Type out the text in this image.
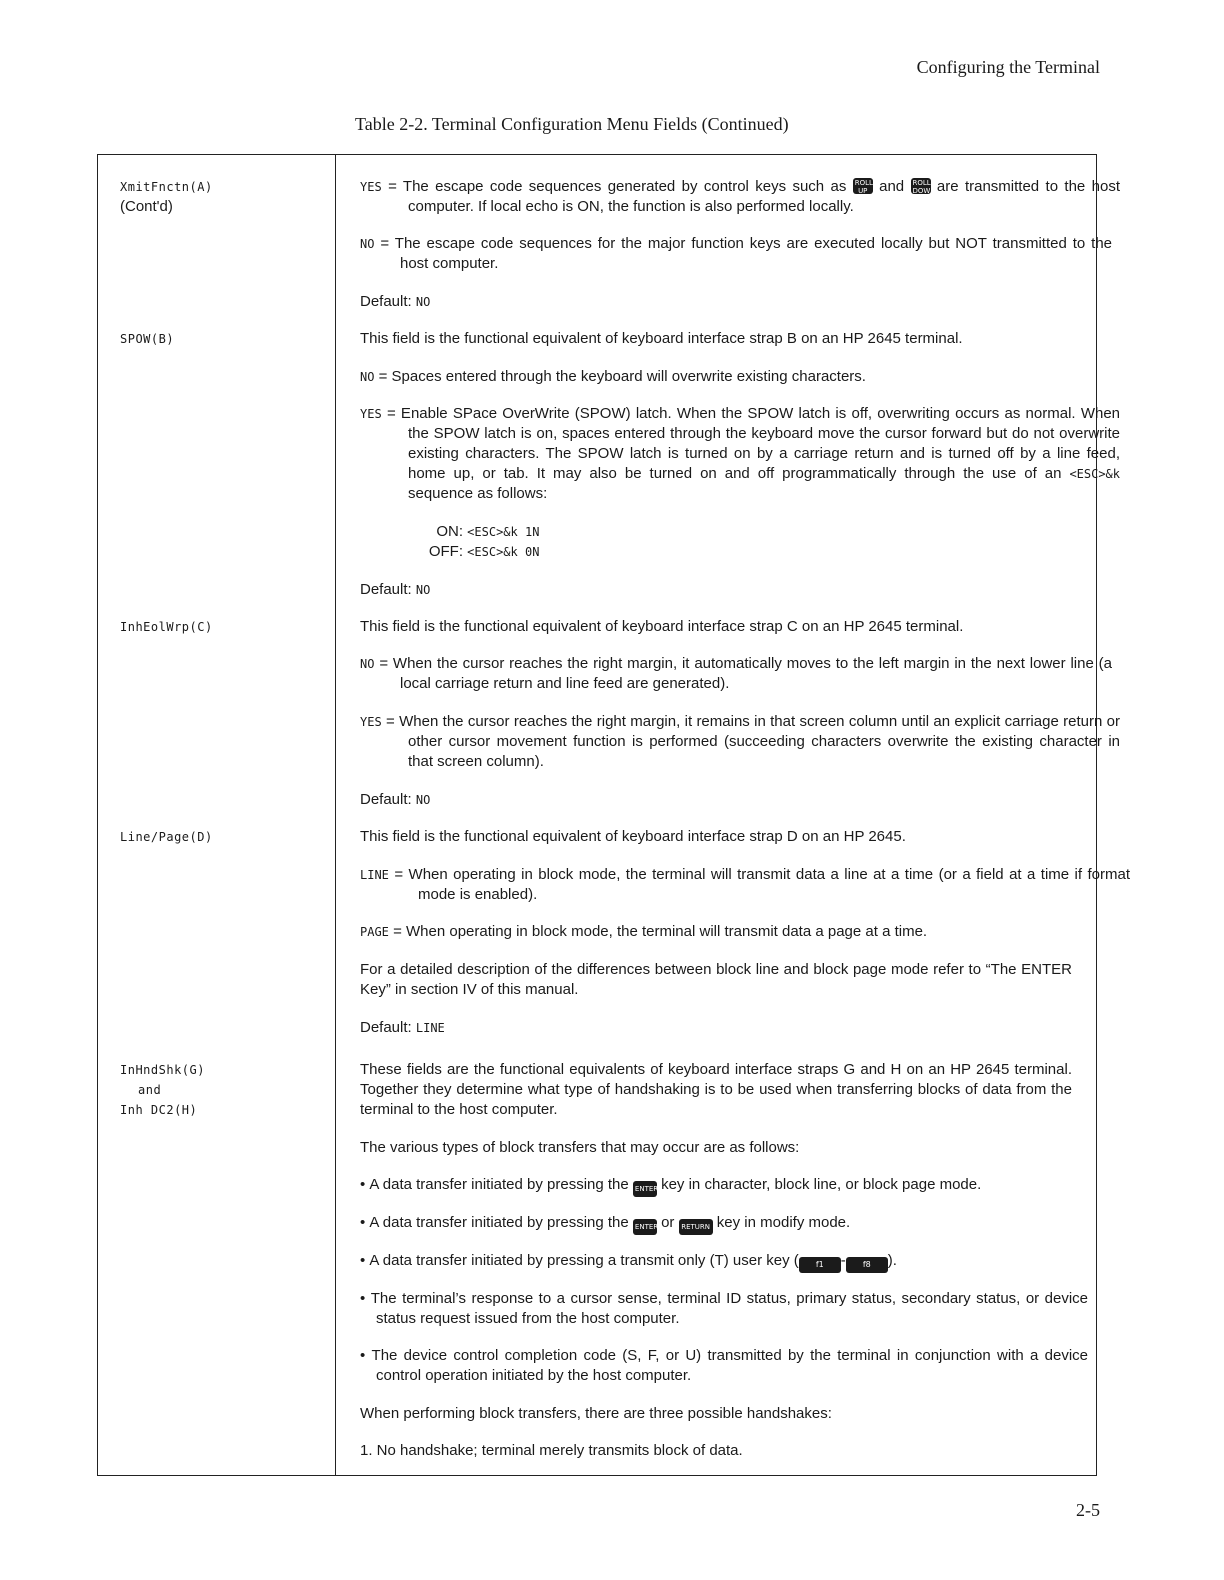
Configuring the Terminal
Table 2-2. Terminal Configuration Menu Fields (Continued)
XmitFnctn(A)
(Cont'd)
SPOW(B)
InhEolWrp(C)
Line/Page(D)
InHndShk(G)
and
Inh DC2(H)
YES = The escape code sequences generated by control keys such as ROLL UP and ROLL DOWN are transmitted to the host computer. If local echo is ON, the function is also performed locally.
NO = The escape code sequences for the major function keys are executed locally but NOT transmitted to the host computer.
Default: NO
This field is the functional equivalent of keyboard interface strap B on an HP 2645 terminal.
NO = Spaces entered through the keyboard will overwrite existing characters.
YES = Enable SPace OverWrite (SPOW) latch. When the SPOW latch is off, overwriting occurs as normal. When the SPOW latch is on, spaces entered through the keyboard move the cursor forward but do not overwrite existing characters. The SPOW latch is turned on by a carriage return and is turned off by a line feed, home up, or tab. It may also be turned on and off programmatically through the use of an <ESC>&k sequence as follows:
ON: <ESC>&k 1N
OFF: <ESC>&k 0N
Default: NO
This field is the functional equivalent of keyboard interface strap C on an HP 2645 terminal.
NO = When the cursor reaches the right margin, it automatically moves to the left margin in the next lower line (a local carriage return and line feed are generated).
YES = When the cursor reaches the right margin, it remains in that screen column until an explicit carriage return or other cursor movement function is performed (succeeding characters overwrite the existing character in that screen column).
Default: NO
This field is the functional equivalent of keyboard interface strap D on an HP 2645.
LINE = When operating in block mode, the terminal will transmit data a line at a time (or a field at a time if format mode is enabled).
PAGE = When operating in block mode, the terminal will transmit data a page at a time.
For a detailed description of the differences between block line and block page mode refer to “The ENTER Key” in section IV of this manual.
Default: LINE
These fields are the functional equivalents of keyboard interface straps G and H on an HP 2645 terminal. Together they determine what type of handshaking is to be used when transferring blocks of data from the terminal to the host computer.
The various types of block transfers that may occur are as follows:
• A data transfer initiated by pressing the ENTER key in character, block line, or block page mode.
• A data transfer initiated by pressing the ENTER or RETURN key in modify mode.
• A data transfer initiated by pressing a transmit only (T) user key ( f1 - f8 ).
• The terminal’s response to a cursor sense, terminal ID status, primary status, secondary status, or device status request issued from the host computer.
• The device control completion code (S, F, or U) transmitted by the terminal in conjunction with a device control operation initiated by the host computer.
When performing block transfers, there are three possible handshakes:
1. No handshake; terminal merely transmits block of data.
2-5
